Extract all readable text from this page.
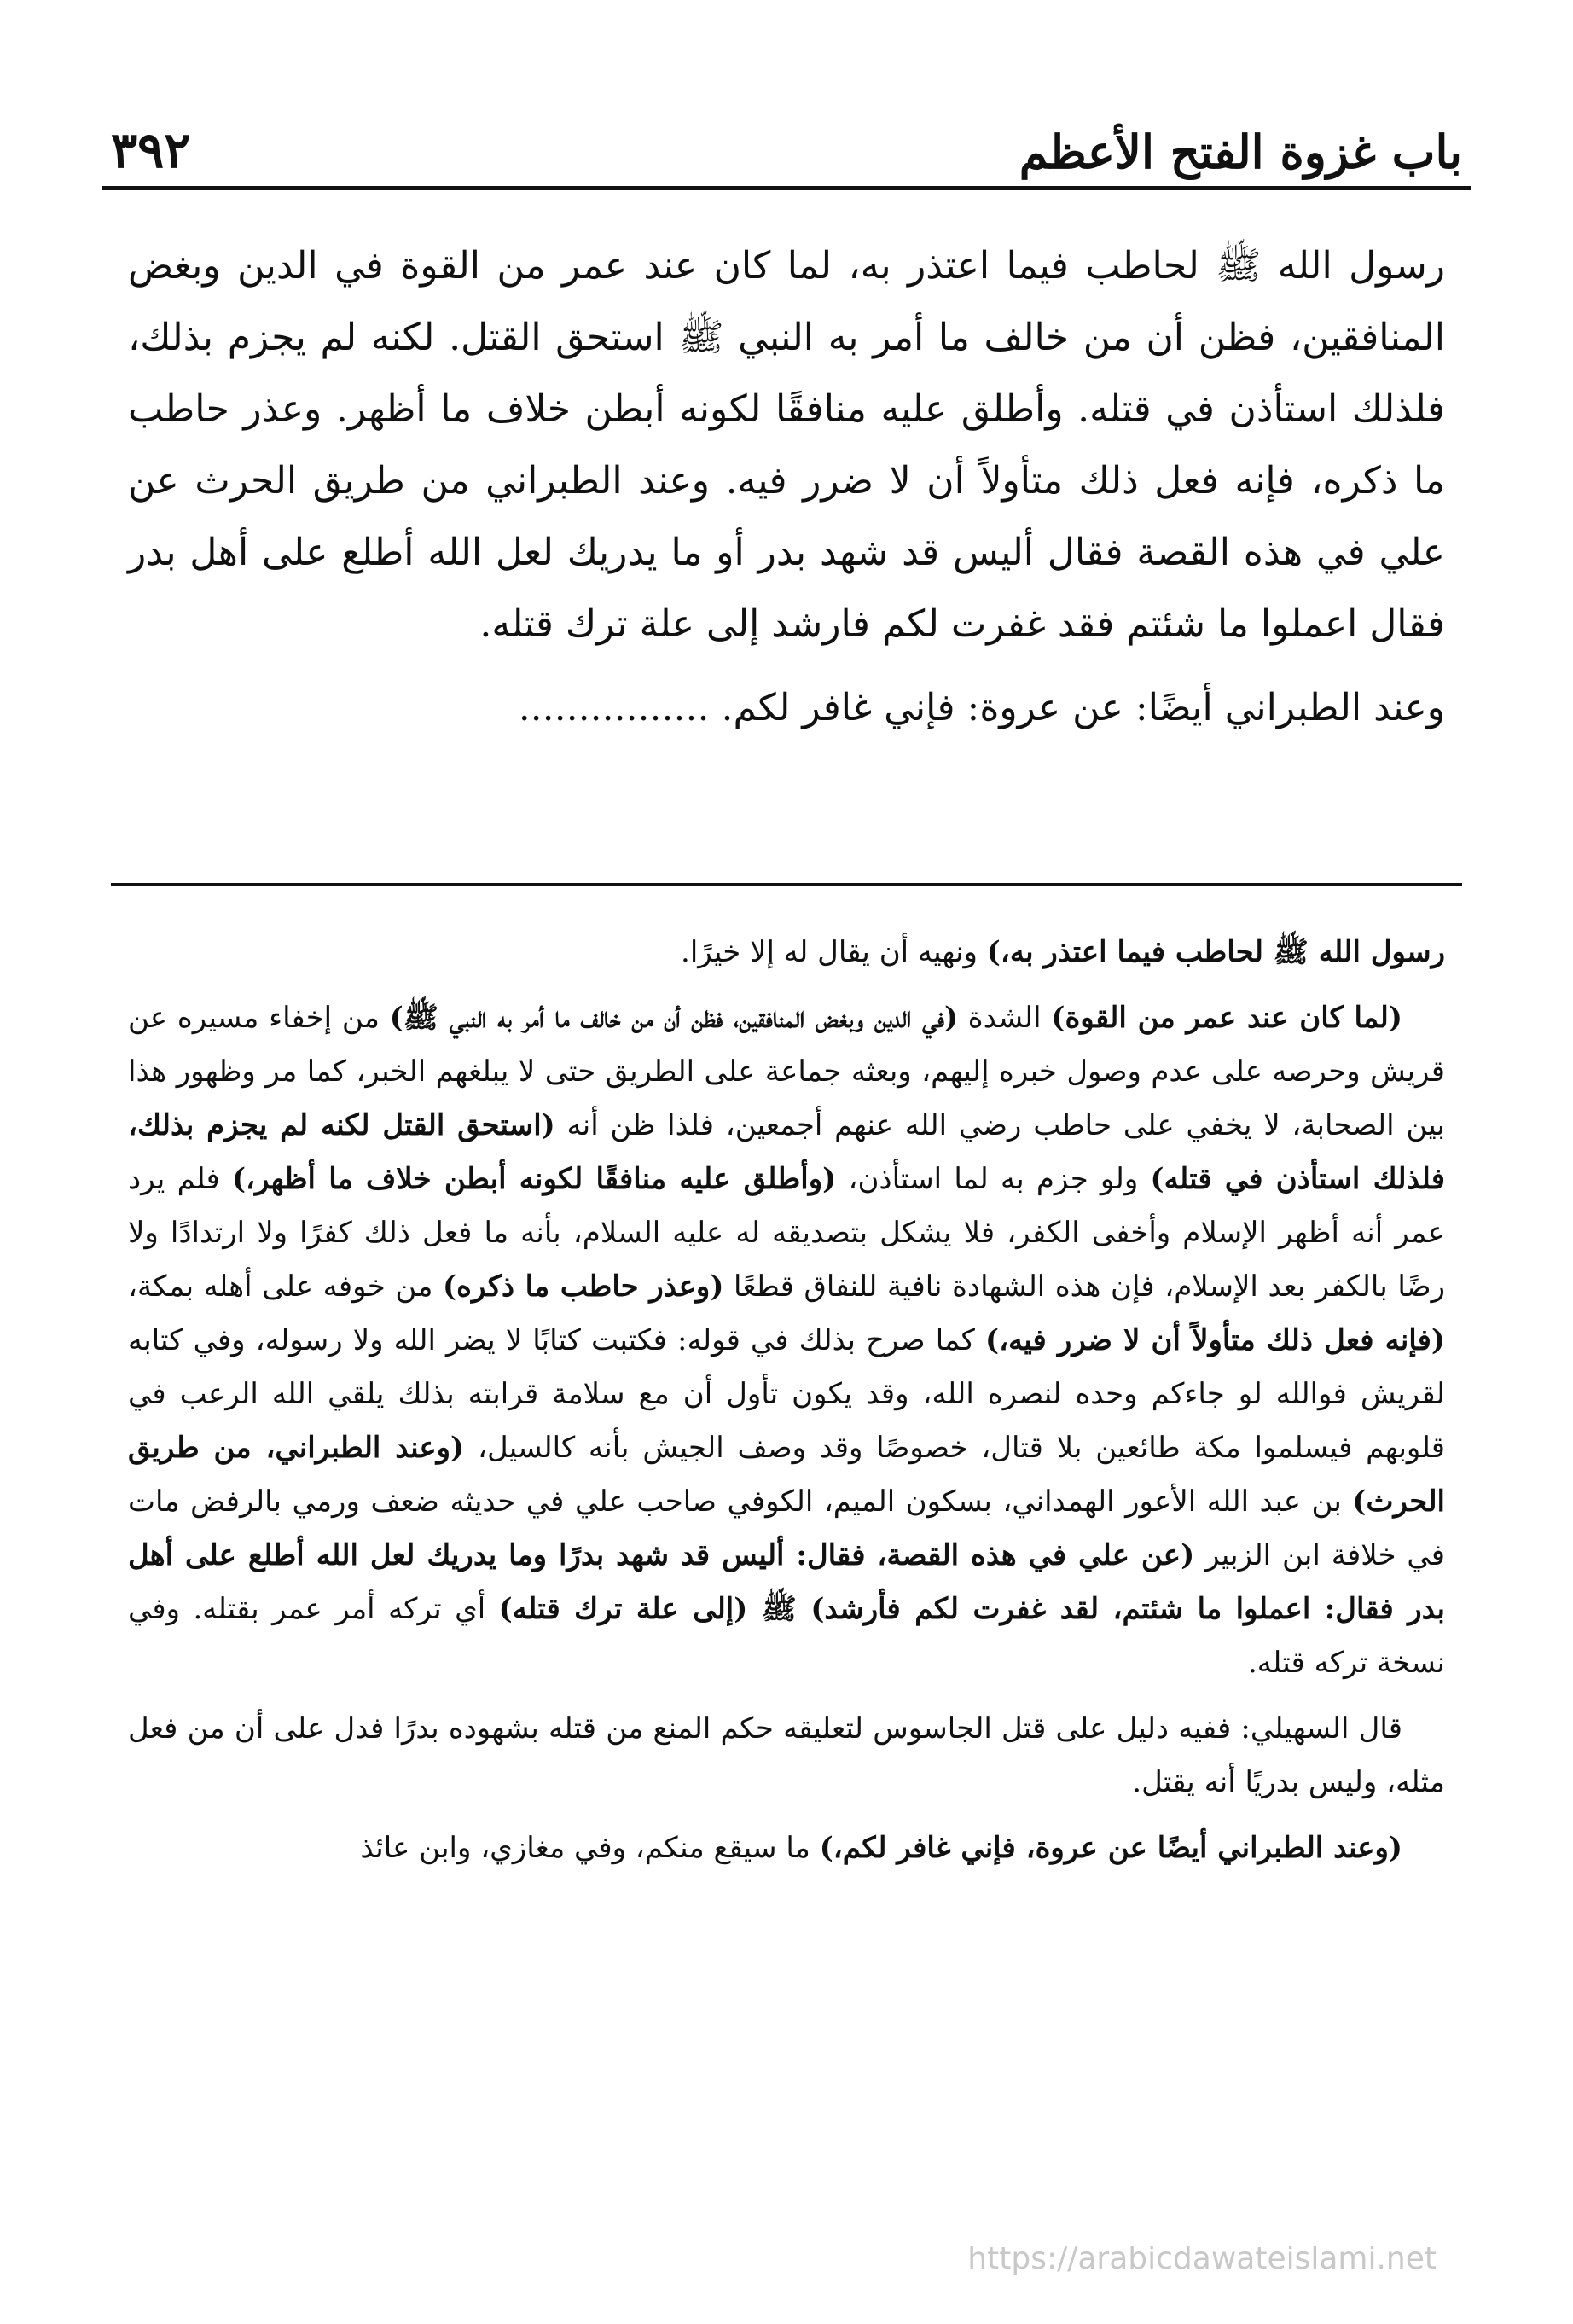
٣٩٢	باب غزوة الفتح الأعظم

رسول الله ﷺ لحاطب فيما اعتذر به، لما كان عند عمر من القوة في الدين وبغض المنافقين، فظن أن من خالف ما أمر به النبي ﷺ استحق القتل. لكنه لم يجزم بذلك، فلذلك استأذن في قتله. وأطلق عليه منافقًا لكونه أبطن خلاف ما أظهر. وعذر حاطب ما ذكره، فإنه فعل ذلك متأولاً أن لا ضرر فيه. وعند الطبراني من طريق الحرث عن علي في هذه القصة فقال أليس قد شهد بدر أو ما يدريك لعل الله أطلع على أهل بدر فقال اعملوا ما شئتم فقد غفرت لكم فارشد إلى علة ترك قتله.

وعند الطبراني أيضًا: عن عروة: فإني غافر لكم. ................

رسول الله ﷺ لحاطب فيما اعتذر به،) ونهيه أن يقال له إلا خيرًا.

(لما كان عند عمر من القوة) الشدة (في الدين وبغض المنافقين، فظن أن من خالف ما أمر به النبي ﷺ) من إخفاء مسيره عن قريش وحرصه على عدم وصول خبره إليهم، وبعثه جماعة على الطريق حتى لا يبلغهم الخبر، كما مر وظهور هذا بين الصحابة، لا يخفي على حاطب رضي الله عنهم أجمعين، فلذا ظن أنه (استحق القتل لكنه لم يجزم بذلك، فلذلك استأذن في قتله) ولو جزم به لما استأذن، (وأطلق عليه منافقًا لكونه أبطن خلاف ما أظهر،) فلم يرد عمر أنه أظهر الإسلام وأخفى الكفر، فلا يشكل بتصديقه له عليه السلام، بأنه ما فعل ذلك كفرًا ولا ارتدادًا ولا رضًا بالكفر بعد الإسلام، فإن هذه الشهادة نافية للنفاق قطعًا (وعذر حاطب ما ذكره) من خوفه على أهله بمكة، (فإنه فعل ذلك متأولاً أن لا ضرر فيه،) كما صرح بذلك في قوله: فكتبت كتابًا لا يضر الله ولا رسوله، وفي كتابه لقريش فوالله لو جاءكم وحده لنصره الله، وقد يكون تأول أن مع سلامة قرابته بذلك يلقي الله الرعب في قلوبهم فيسلموا مكة طائعين بلا قتال، خصوصًا وقد وصف الجيش بأنه كالسيل، (وعند الطبراني، من طريق الحرث) بن عبد الله الأعور الهمداني، بسكون الميم، الكوفي صاحب علي في حديثه ضعف ورمي بالرفض مات في خلافة ابن الزبير (عن علي في هذه القصة، فقال: أليس قد شهد بدرًا وما يدريك لعل الله أطلع على أهل بدر فقال: اعملوا ما شئتم، لقد غفرت لكم فأرشد) ﷺ (إلى علة ترك قتله) أي تركه أمر عمر بقتله. وفي نسخة تركه قتله.

قال السهيلي: ففيه دليل على قتل الجاسوس لتعليقه حكم المنع من قتله بشهوده بدرًا فدل على أن من فعل مثله، وليس بدريًا أنه يقتل.

(وعند الطبراني أيضًا عن عروة، فإني غافر لكم،) ما سيقع منكم، وفي مغازي، وابن عائذ

https://arabicdawateislami.net
